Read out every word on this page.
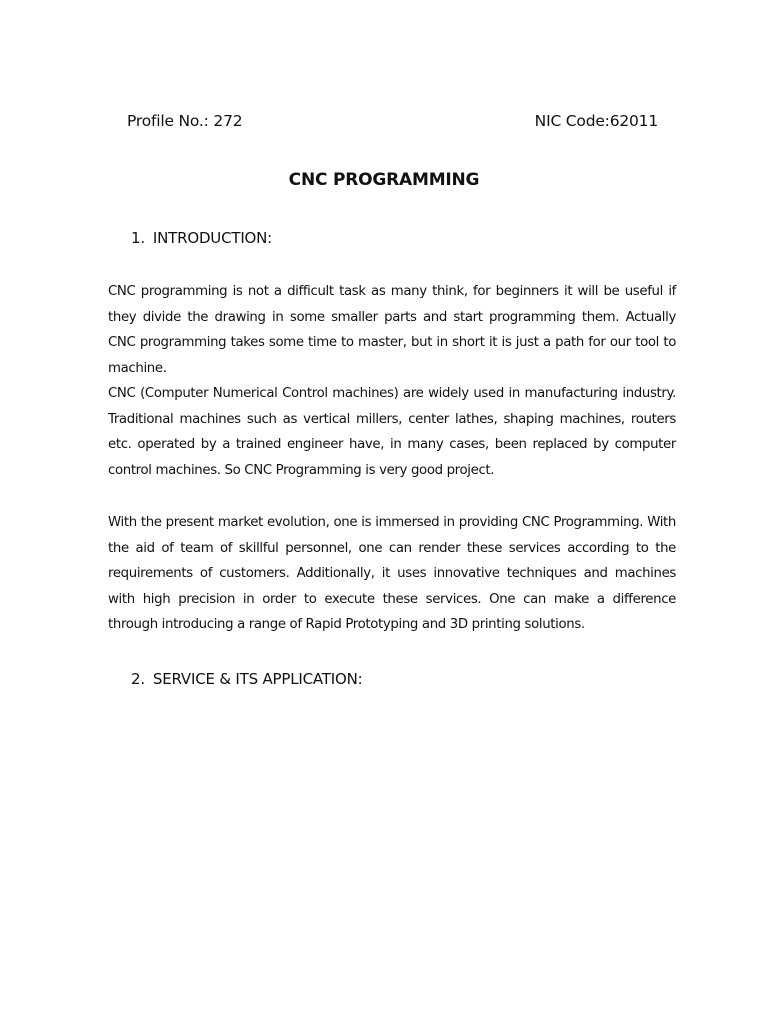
Profile No.: 272	NIC Code:62011
CNC PROGRAMMING
1. INTRODUCTION:

CNC programming is not a difficult task as many think, for beginners it will be useful if they divide the drawing in some smaller parts and start programming them. Actually CNC programming takes some time to master, but in short it is just a path for our tool to machine.

CNC (Computer Numerical Control machines) are widely used in manufacturing industry. Traditional machines such as vertical millers, center lathes, shaping machines, routers etc. operated by a trained engineer have, in many cases, been replaced by computer control machines. So CNC Programming is very good project.

With the present market evolution, one is immersed in providing CNC Programming. With the aid of team of skillful personnel, one can render these services according to the requirements of customers. Additionally, it uses innovative techniques and machines with high precision in order to execute these services. One can make a difference through introducing a range of Rapid Prototyping and 3D printing solutions.

2. SERVICE & ITS APPLICATION:
